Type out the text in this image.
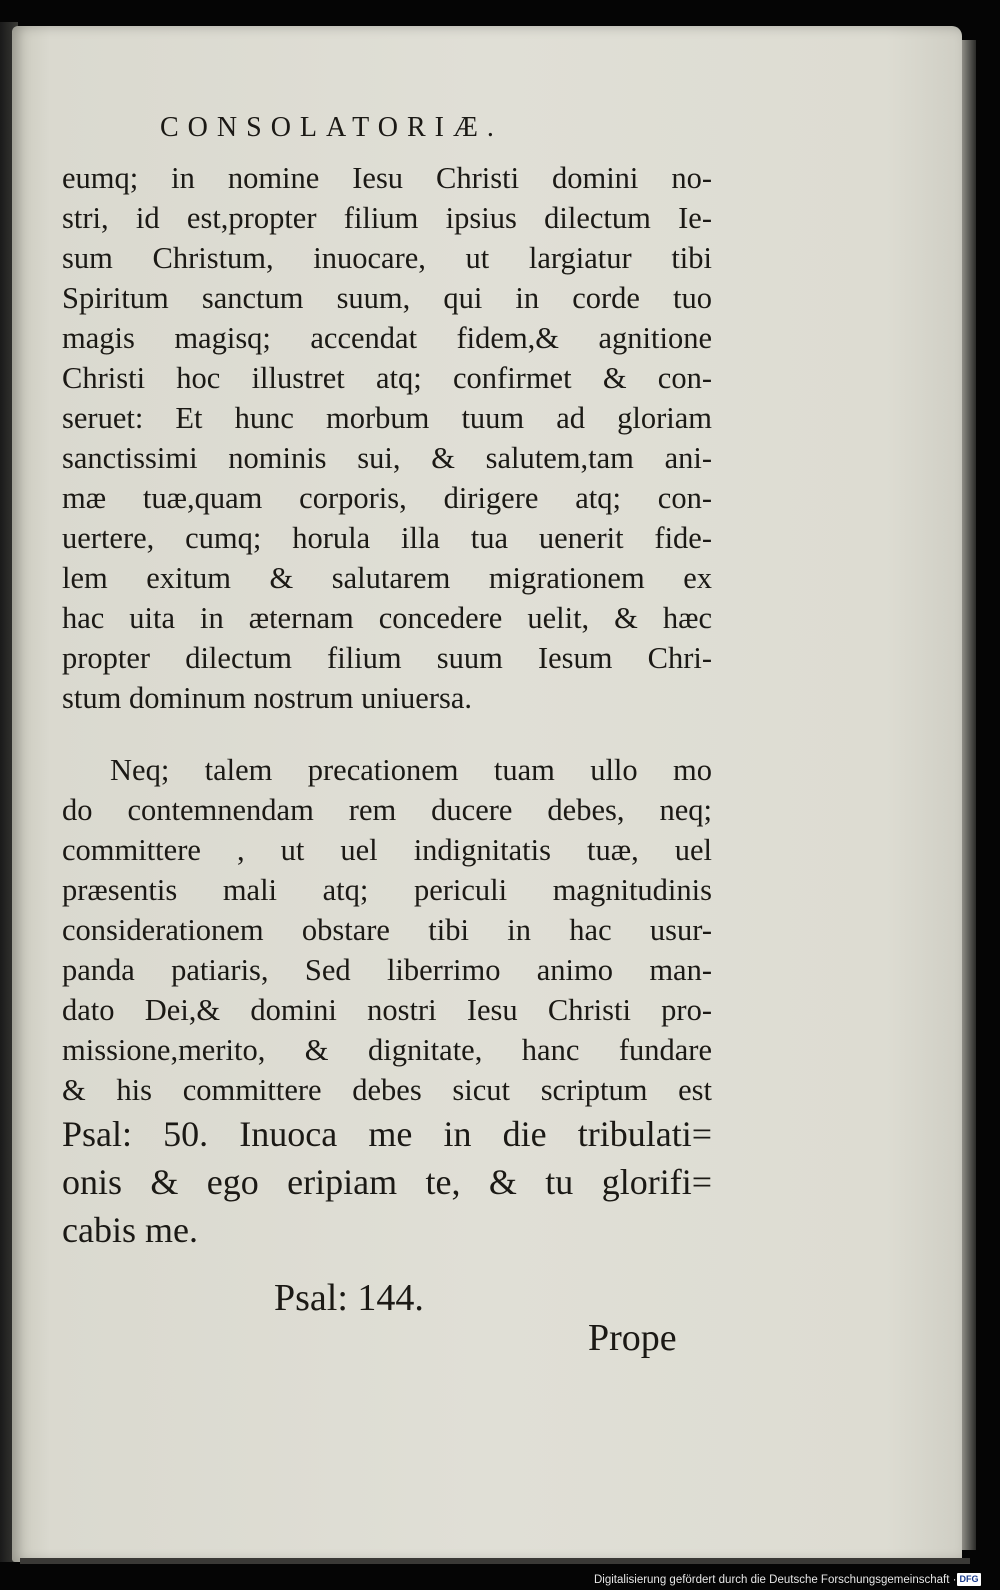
CONSOLATORIÆ.
eumq; in nomine Iesu Christi domini no-
stri, id est,propter filium ipsius dilectum Ie-
sum Christum, inuocare, ut largiatur tibi
Spiritum sanctum suum, qui in corde tuo
magis magisq; accendat fidem,& agnitione
Christi hoc illustret atq; confirmet & con-
seruet: Et hunc morbum tuum ad gloriam
sanctissimi nominis sui, & salutem,tam ani-
mæ tuæ,quam corporis, dirigere atq; con-
uertere, cumq; horula illa tua uenerit fide-
lem exitum & salutarem migrationem ex
hac uita in æternam concedere uelit, & hæc
propter dilectum filium suum Iesum Chri-
stum dominum nostrum uniuersa.
Neq; talem precationem tuam ullo mo
do contemnendam rem ducere debes, neq;
committere , ut uel indignitatis tuæ, uel
præsentis mali atq; periculi magnitudinis
considerationem obstare tibi in hac usur-
panda patiaris, Sed liberrimo animo man-
dato Dei,& domini nostri Iesu Christi pro-
missione,merito, & dignitate, hanc fundare
& his committere debes sicut scriptum est
Psal: 50. Inuoca me in die tribulati=
onis & ego eripiam te, & tu glorifi=
cabis me.
Psal: 144.
Prope
Digitalisierung gefördert durch die Deutsche Forschungsgemeinschaft · DFG
